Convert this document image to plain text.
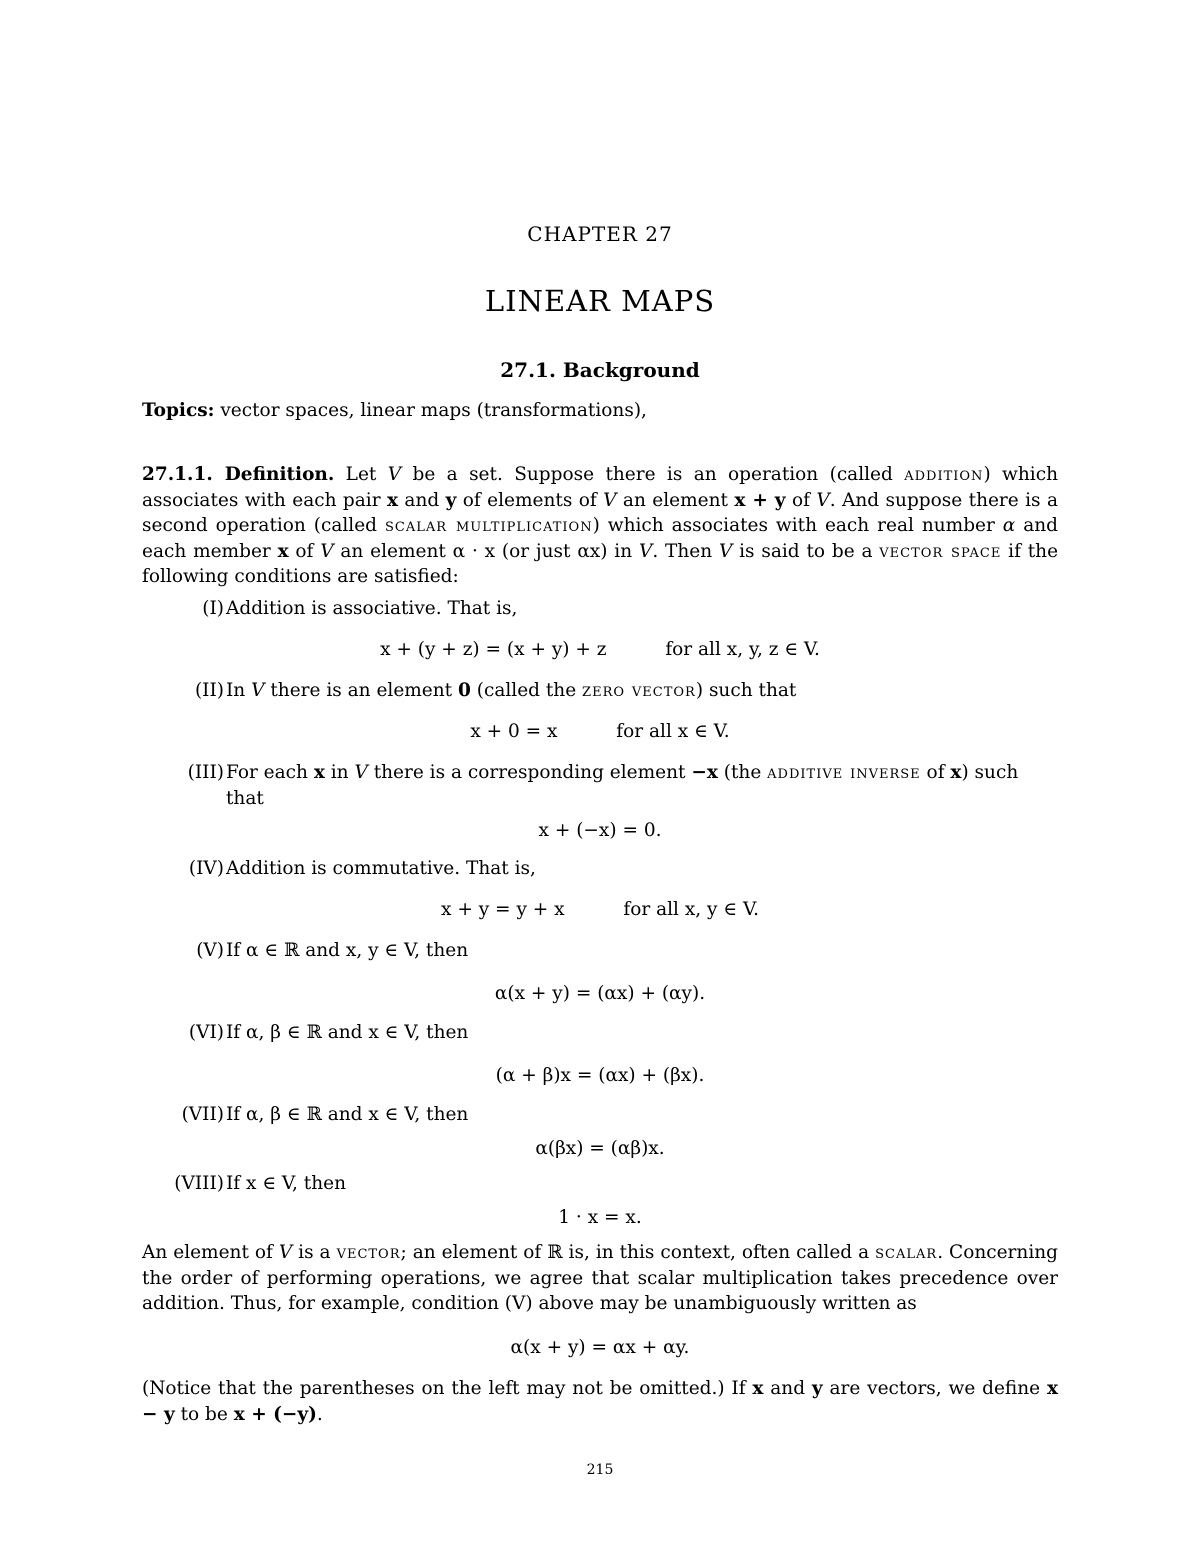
CHAPTER 27

LINEAR MAPS
27.1. Background

Topics: vector spaces, linear maps (transformations),

27.1.1. Definition. Let V be a set. Suppose there is an operation (called addition) which associates with each pair x and y of elements of V an element x + y of V. And suppose there is a second operation (called scalar multiplication) which associates with each real number α and each member x of V an element α · x (or just αx) in V. Then V is said to be a vector space if the following conditions are satisfied:

(I) Addition is associative. That is,
x + (y + z) = (x + y) + z          for all x, y, z ∈ V.
(II) In V there is an element 0 (called the zero vector) such that
x + 0 = x          for all x ∈ V.
(III) For each x in V there is a corresponding element −x (the additive inverse of x) such that
x + (−x) = 0.
(IV) Addition is commutative. That is,
x + y = y + x          for all x, y ∈ V.
(V) If α ∈ ℝ and x, y ∈ V, then
α(x + y) = (αx) + (αy).
(VI) If α, β ∈ ℝ and x ∈ V, then
(α + β)x = (αx) + (βx).
(VII) If α, β ∈ ℝ and x ∈ V, then
α(βx) = (αβ)x.
(VIII) If x ∈ V, then
1 · x = x.

An element of V is a vector; an element of ℝ is, in this context, often called a scalar. Concerning the order of performing operations, we agree that scalar multiplication takes precedence over addition. Thus, for example, condition (V) above may be unambiguously written as

α(x + y) = αx + αy.

(Notice that the parentheses on the left may not be omitted.) If x and y are vectors, we define x − y to be x + (−y).

215
